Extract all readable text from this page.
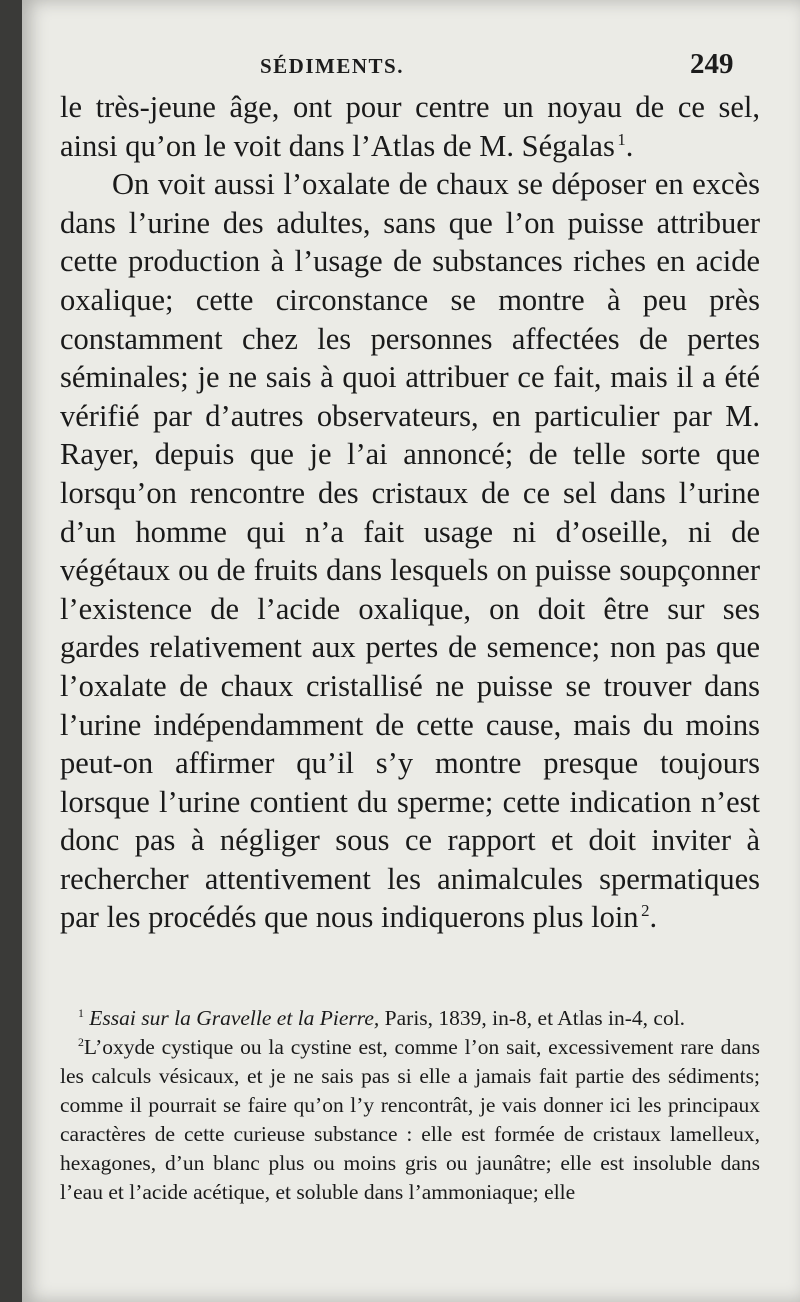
SÉDIMENTS.	249

le très-jeune âge, ont pour centre un noyau de ce sel, ainsi qu’on le voit dans l’Atlas de M. Ségalas  $^1$.

On voit aussi l’oxalate de chaux se déposer en excès dans l’urine des adultes, sans que l’on puisse attribuer cette production à l’usage de substances riches en acide oxalique; cette circonstance se montre à peu près constamment chez les personnes affectées de pertes séminales; je ne sais à quoi attribuer ce fait, mais il a été vérifié par d’autres observateurs, en particulier par M. Rayer, depuis que je l’ai annoncé; de telle sorte que lorsqu’on rencontre des cristaux de ce sel dans l’urine d’un homme qui n’a fait usage ni d’oseille, ni de végétaux ou de fruits dans lesquels on puisse soupçonner l’existence de l’acide oxalique, on doit être sur ses gardes relativement aux pertes de semence; non pas que l’oxalate de chaux cristallisé ne puisse se trouver dans l’urine indépendamment de cette cause, mais du moins peut-on affirmer qu’il s’y montre presque toujours lorsque l’urine contient du sperme; cette indication n’est donc pas à négliger sous ce rapport et doit inviter à rechercher attentivement les animalcules spermatiques par les procédés que nous indiquerons plus loin  $^2$.

$^1$ Essai sur la Gravelle et la Pierre, Paris, 1839, in-8, et Atlas in-4, col.

$^2$L’oxyde cystique ou la cystine est, comme l’on sait, excessivement rare dans les calculs vésicaux, et je ne sais pas si elle a jamais fait partie des sédiments; comme il pourrait se faire qu’on l’y rencontrât, je vais donner ici les principaux caractères de cette curieuse substance : elle est formée de cristaux lamelleux, hexagones, d’un blanc plus ou moins gris ou jaunâtre; elle est insoluble dans l’eau et l’acide acétique, et soluble dans l’ammoniaque; elle
